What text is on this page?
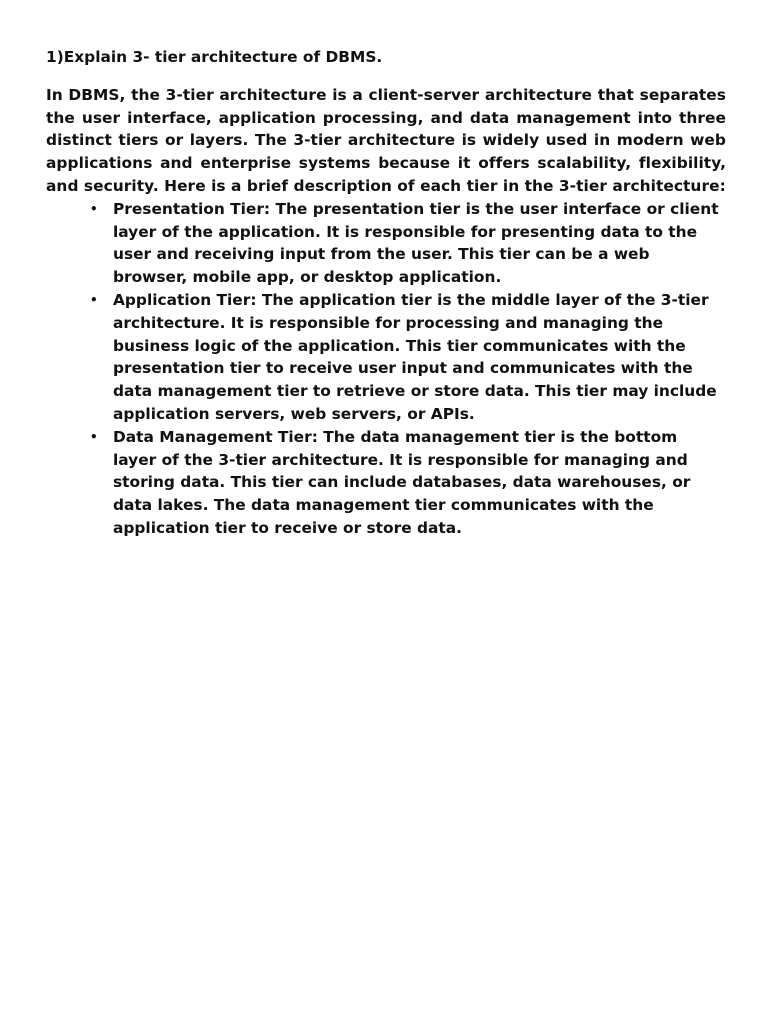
1)Explain 3- tier architecture of DBMS.

In DBMS, the 3-tier architecture is a client-server architecture that separates the user interface, application processing, and data management into three distinct tiers or layers. The 3-tier architecture is widely used in modern web applications and enterprise systems because it offers scalability, flexibility, and security. Here is a brief description of each tier in the 3-tier architecture:

• Presentation Tier: The presentation tier is the user interface or client layer of the application. It is responsible for presenting data to the user and receiving input from the user. This tier can be a web browser, mobile app, or desktop application.
• Application Tier: The application tier is the middle layer of the 3-tier architecture. It is responsible for processing and managing the business logic of the application. This tier communicates with the presentation tier to receive user input and communicates with the data management tier to retrieve or store data. This tier may include application servers, web servers, or APIs.
• Data Management Tier: The data management tier is the bottom layer of the 3-tier architecture. It is responsible for managing and storing data. This tier can include databases, data warehouses, or data lakes. The data management tier communicates with the application tier to receive or store data.
